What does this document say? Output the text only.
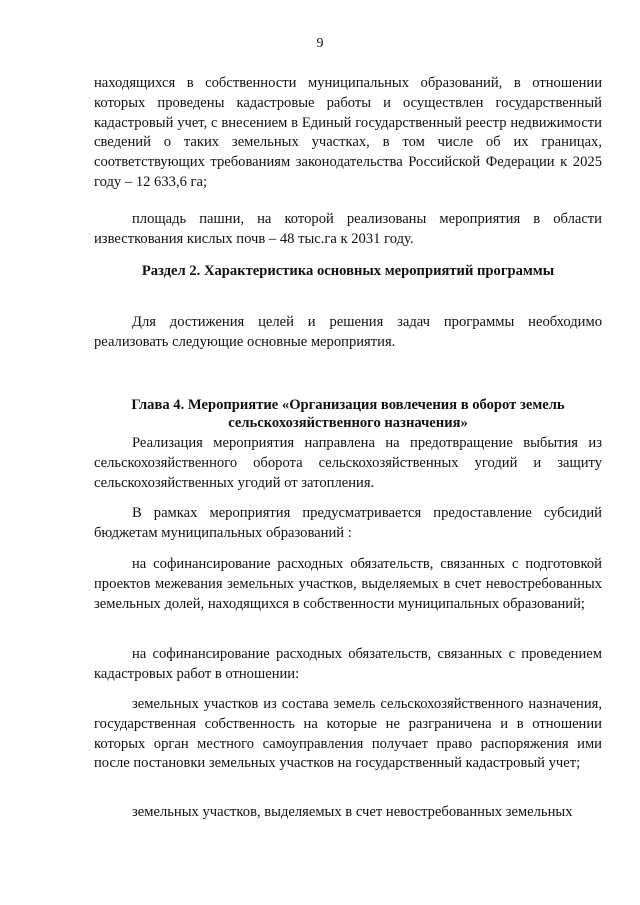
9

находящихся в собственности муниципальных образований, в отношении которых проведены кадастровые работы и осуществлен государственный кадастровый учет, с внесением в Единый государственный реестр недвижимости сведений о таких земельных участках, в том числе об их границах, соответствующих требованиям законодательства Российской Федерации к 2025 году – 12 633,6 га;

площадь пашни, на которой реализованы мероприятия в области известкования кислых почв – 48 тыс.га к 2031 году.

Раздел 2. Характеристика основных мероприятий программы

Для достижения целей и решения задач программы необходимо реализовать следующие основные мероприятия.

Глава 4. Мероприятие «Организация вовлечения в оборот земель сельскохозяйственного назначения»

Реализация мероприятия направлена на предотвращение выбытия из сельскохозяйственного оборота сельскохозяйственных угодий и защиту сельскохозяйственных угодий от затопления.

В рамках мероприятия предусматривается предоставление субсидий бюджетам муниципальных образований :

на софинансирование расходных обязательств, связанных с подготовкой проектов межевания земельных участков, выделяемых в счет невостребованных земельных долей, находящихся в собственности муниципальных образований;

на софинансирование расходных обязательств, связанных с проведением кадастровых работ в отношении:

земельных участков из состава земель сельскохозяйственного назначения, государственная собственность на которые не разграничена и в отношении которых орган местного самоуправления получает право распоряжения ими после постановки земельных участков на государственный кадастровый учет;

земельных участков, выделяемых в счет невостребованных земельных
